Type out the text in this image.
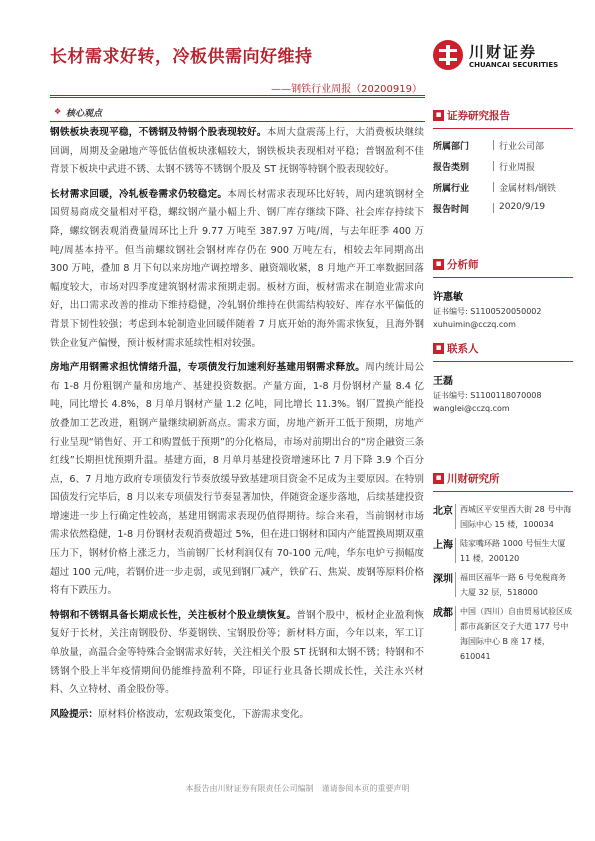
长材需求好转，冷板供需向好维持
——钢铁行业周报（20200919）
川财证券
CHUANCAI SECURITIES
❖ 核心观点

钢铁板块表现平稳，不锈钢及特钢个股表现较好。本周大盘震荡上行，大消费板块继续回调，周期及金融地产等低估值板块涨幅较大，钢铁板块表现相对平稳；普钢盈利不佳背景下板块中武进不锈、太钢不锈等不锈钢个股及 ST 抚钢等特钢个股表现较好。

长材需求回暖，冷轧板卷需求仍较稳定。本周长材需求表现环比好转，周内建筑钢材全国贸易商成交量相对平稳，螺纹钢产量小幅上升、钢厂库存继续下降、社会库存持续下降，螺纹钢表观消费量周环比上升 9.77 万吨至 387.97 万吨/周，与去年旺季 400 万吨/周基本持平。但当前螺纹钢社会钢材库存仍在 900 万吨左右，相较去年同期高出 300 万吨，叠加 8 月下旬以来房地产调控增多、融资端收紧，8 月地产开工率数据回落幅度较大，市场对四季度建筑钢材需求预期走弱。板材方面，板材需求在制造业需求向好，出口需求改善的推动下维持稳健，冷轧钢价维持在供需结构较好、库存水平偏低的背景下韧性较强；考虑到本轮制造业回暖伴随着 7 月底开始的海外需求恢复，且海外钢铁企业复产偏慢，预计板材需求延续性相对较强。

房地产用钢需求担忧情绪升温，专项债发行加速利好基建用钢需求释放。周内统计局公布 1-8 月份粗钢产量和房地产、基建投资数据。产量方面，1-8 月份钢材产量 8.4 亿吨，同比增长 4.8%，8 月单月钢材产量 1.2 亿吨，同比增长 11.3%。钢厂置换产能投放叠加工艺改进，粗钢产量继续刷新高点。需求方面，房地产新开工低于预期，房地产行业呈现“销售好、开工和购置低于预期”的分化格局，市场对前期出台的“房企融资三条红线”长期担忧预期升温。基建方面，8 月单月基建投资增速环比 7 月下降 3.9 个百分点，6、7 月地方政府专项债发行节奏放缓导致基建项目资金不足成为主要原因。在特别国债发行完毕后，8 月以来专项债发行节奏显著加快，伴随资金逐步落地，后续基建投资增速进一步上行确定性较高，基建用钢需求表现仍值得期待。综合来看，当前钢材市场需求依然稳健，1-8 月份钢材表观消费超过 5%，但在进口钢材和国内产能置换周期双重压力下，钢材价格上涨乏力，当前钢厂长材利润仅有 70-100 元/吨，华东电炉亏损幅度超过 100 元/吨，若钢价进一步走弱，或见到钢厂减产，铁矿石、焦炭、废钢等原料价格将有下跌压力。

特钢和不锈钢具备长期成长性，关注板材个股业绩恢复。普钢个股中，板材企业盈利恢复好于长材，关注南钢股份、华菱钢铁、宝钢股份等；新材料方面，今年以来，军工订单放量，高温合金等特殊合金钢需求好转，关注相关个股 ST 抚钢和太钢不锈；特钢和不锈钢个股上半年疫情期间仍能维持盈利不降，印证行业具备长期成长性，关注永兴材料、久立特材、甬金股份等。

风险提示：原材料价格波动，宏观政策变化，下游需求变化。

▪ 证券研究报告
所属部门	行业公司部
报告类别	行业周报
所属行业	金属材料/钢铁
报告时间	2020/9/19
▪ 分析师
许惠敏
证书编号: S1100520050002
xuhuimin@cczq.com
▪ 联系人
王磊
证书编号: S1100118070008
wanglei@cczq.com
▪ 川财研究所
北京 西城区平安里西大街 28 号中海国际中心 15 楼，100034
上海 陆家嘴环路 1000 号恒生大厦 11 楼，200120
深圳 福田区福华一路 6 号免税商务大厦 32 层，518000
成都 中国（四川）自由贸易试验区成都市高新区交子大道 177 号中海国际中心 B 座 17 楼，610041
本报告由川财证券有限责任公司编制　谨请参阅本页的重要声明
